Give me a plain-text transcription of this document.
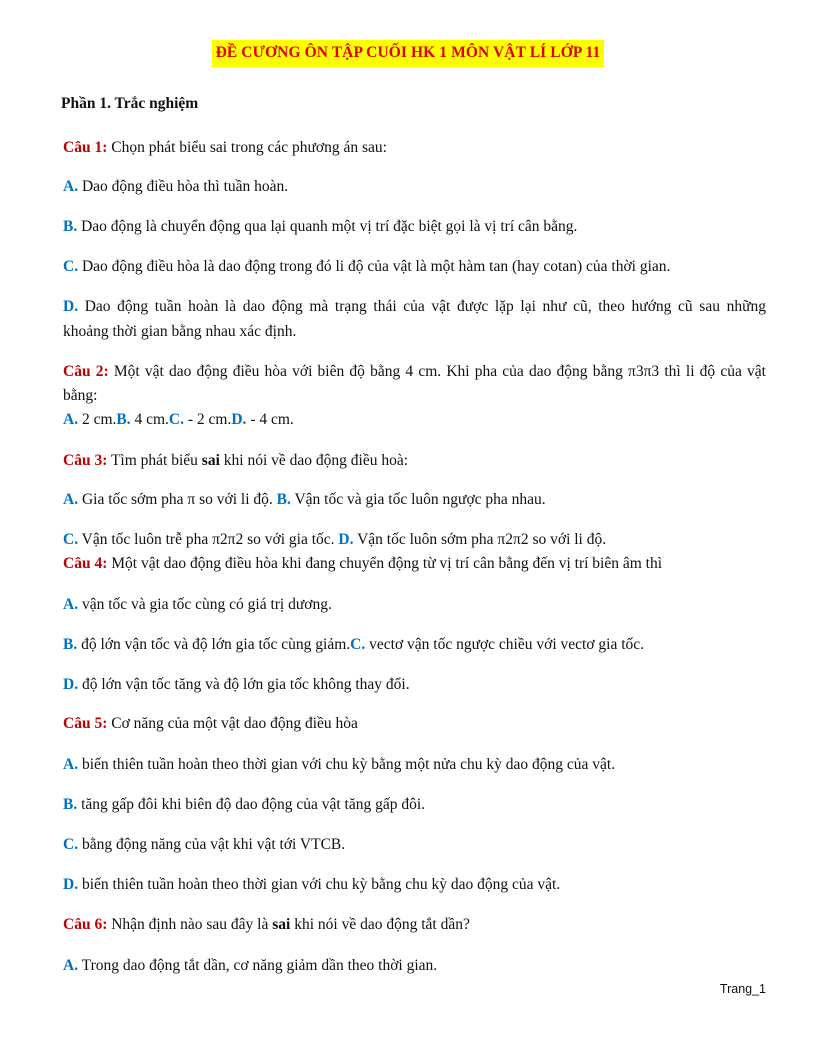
ĐỀ CƯƠNG ÔN TẬP CUỐI HK 1 MÔN VẬT LÍ LỚP 11
Phần 1. Trắc nghiệm
Câu 1: Chọn phát biểu sai trong các phương án sau:
A. Dao động điều hòa thì tuần hoàn.
B. Dao động là chuyển động qua lại quanh một vị trí đặc biệt gọi là vị trí cân bằng.
C. Dao động điều hòa là dao động trong đó li độ của vật là một hàm tan (hay cotan) của thời gian.
D. Dao động tuần hoàn là dao động mà trạng thái của vật được lặp lại như cũ, theo hướng cũ sau những
khoảng thời gian bằng nhau xác định.
Câu 2: Một vật dao động điều hòa với biên độ bằng 4 cm. Khi pha của dao động bằng π3π3 thì li độ của vật
bằng:
A. 2 cm.B. 4 cm.C. - 2 cm.D. - 4 cm.
Câu 3: Tìm phát biểu sai khi nói về dao động điều hoà:
A. Gia tốc sớm pha π so với li độ. B. Vận tốc và gia tốc luôn ngược pha nhau.
C. Vận tốc luôn trễ pha π2π2 so với gia tốc. D. Vận tốc luôn sớm pha π2π2 so với li độ.
Câu 4: Một vật dao động điều hòa khi đang chuyển động từ vị trí cân bằng đến vị trí biên âm thì
A. vận tốc và gia tốc cùng có giá trị dương.
B. độ lớn vận tốc và độ lớn gia tốc cùng giảm.C. vectơ vận tốc ngược chiều với vectơ gia tốc.
D. độ lớn vận tốc tăng và độ lớn gia tốc không thay đổi.
Câu 5: Cơ năng của một vật dao động điều hòa
A. biến thiên tuần hoàn theo thời gian với chu kỳ bằng một nửa chu kỳ dao động của vật.
B. tăng gấp đôi khi biên độ dao động của vật tăng gấp đôi.
C. bằng động năng của vật khi vật tới VTCB.
D. biến thiên tuần hoàn theo thời gian với chu kỳ bằng chu kỳ dao động của vật.
Câu 6: Nhận định nào sau đây là sai khi nói về dao động tắt dần?
A. Trong dao động tắt dần, cơ năng giảm dần theo thời gian.
Trang_1
